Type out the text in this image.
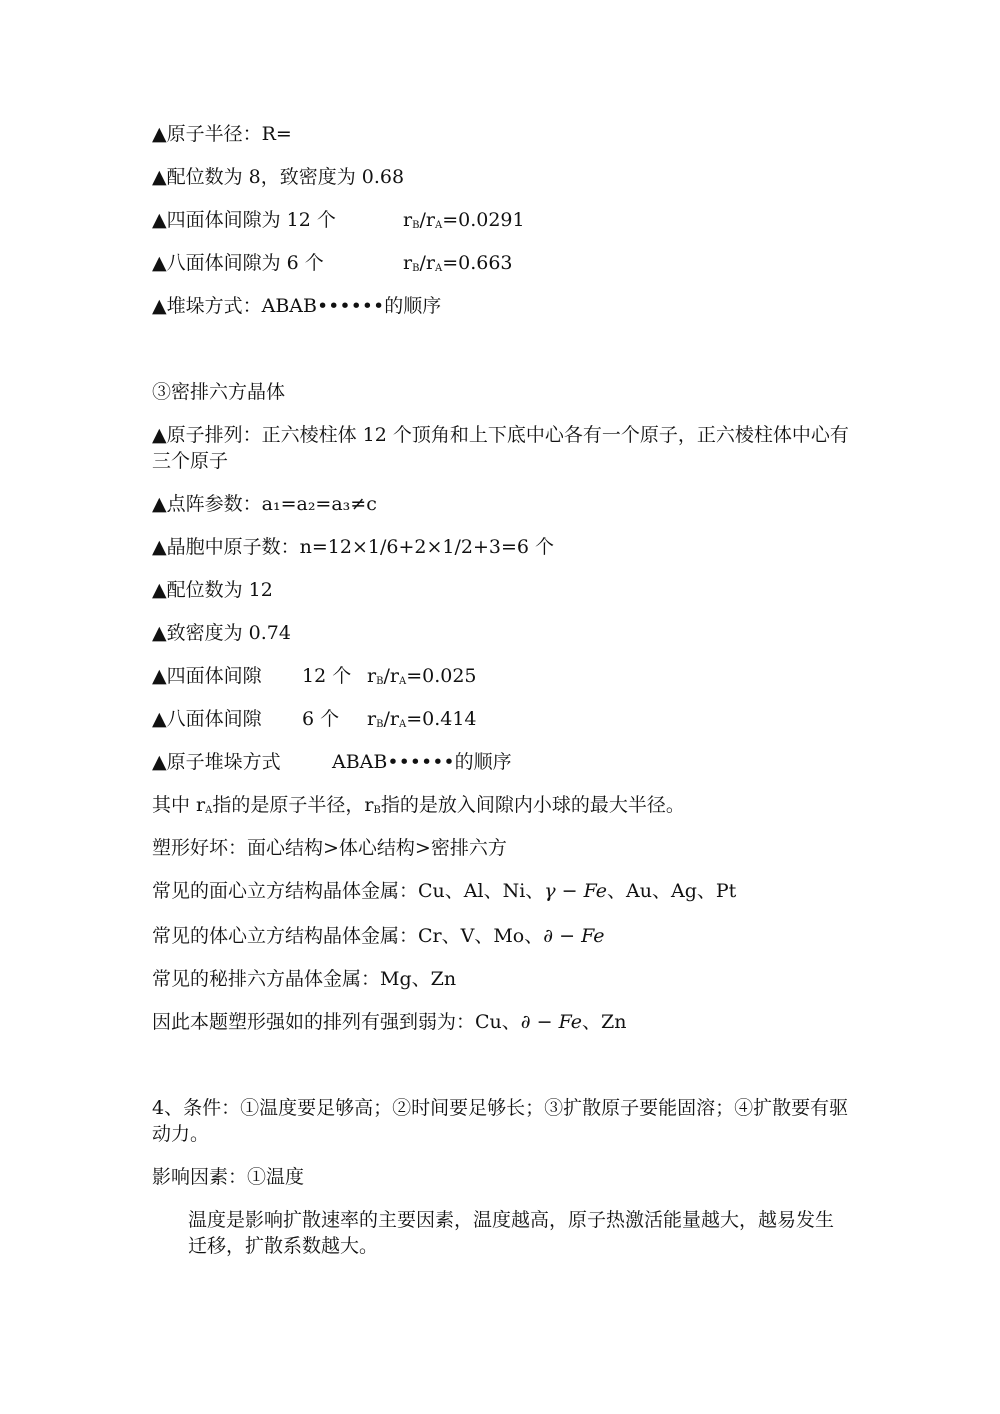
▲原子半径：R=
▲配位数为 8，致密度为 0.68
▲四面体间隙为 12 个	$r_B/r_A=0.0291$
▲八面体间隙为 6 个	$r_B/r_A=0.663$
▲堆垛方式：ABAB••••••的顺序
③密排六方晶体
▲原子排列：正六棱柱体 12 个顶角和上下底中心各有一个原子，正六棱柱体中心有三个原子
▲点阵参数：a₁=a₂=a₃≠c
▲晶胞中原子数：n=12×1/6+2×1/2+3=6 个
▲配位数为 12
▲致密度为 0.74
▲四面体间隙 12 个 $r_B/r_A=0.025$
▲八面体间隙 6 个 $r_B/r_A=0.414$
▲原子堆垛方式	ABAB••••••的顺序
其中 $r_A$指的是原子半径，$r_B$指的是放入间隙内小球的最大半径。
塑形好坏：面心结构>体心结构>密排六方
常见的面心立方结构晶体金属：Cu、Al、Ni、γ − Fe、Au、Ag、Pt
常见的体心立方结构晶体金属：Cr、V、Mo、∂ − Fe
常见的秘排六方晶体金属：Mg、Zn
因此本题塑形强如的排列有强到弱为：Cu、∂ − Fe、Zn
4、条件：①温度要足够高；②时间要足够长；③扩散原子要能固溶；④扩散要有驱动力。
影响因素：①温度
温度是影响扩散速率的主要因素，温度越高，原子热激活能量越大，越易发生迁移，扩散系数越大。
